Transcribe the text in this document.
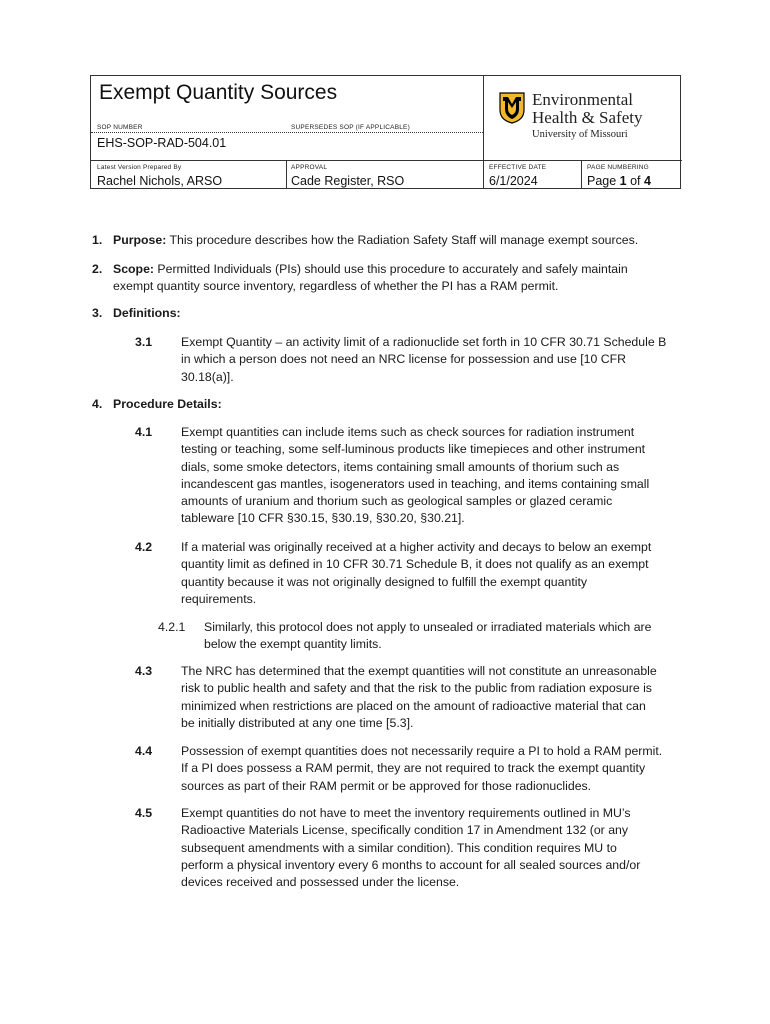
Exempt Quantity Sources
SOP NUMBER	SUPERSEDES SOP (IF APPLICABLE)
EHS-SOP-RAD-504.01
Latest Version Prepared By	APPROVAL	EFFECTIVE DATE	PAGE NUMBERING
Rachel Nichols, ARSO	Cade Register, RSO	6/1/2024	Page 1 of 4
Environmental
Health & Safety
University of Missouri
1. Purpose: This procedure describes how the Radiation Safety Staff will manage exempt sources.
2. Scope: Permitted Individuals (PIs) should use this procedure to accurately and safely maintain
exempt quantity source inventory, regardless of whether the PI has a RAM permit.
3. Definitions:
3.1 Exempt Quantity – an activity limit of a radionuclide set forth in 10 CFR 30.71 Schedule B
in which a person does not need an NRC license for possession and use [10 CFR
30.18(a)].
4. Procedure Details:
4.1 Exempt quantities can include items such as check sources for radiation instrument
testing or teaching, some self-luminous products like timepieces and other instrument
dials, some smoke detectors, items containing small amounts of thorium such as
incandescent gas mantles, isogenerators used in teaching, and items containing small
amounts of uranium and thorium such as geological samples or glazed ceramic
tableware [10 CFR §30.15, §30.19, §30.20, §30.21].
4.2 If a material was originally received at a higher activity and decays to below an exempt
quantity limit as defined in 10 CFR 30.71 Schedule B, it does not qualify as an exempt
quantity because it was not originally designed to fulfill the exempt quantity
requirements.
4.2.1 Similarly, this protocol does not apply to unsealed or irradiated materials which are
below the exempt quantity limits.
4.3 The NRC has determined that the exempt quantities will not constitute an unreasonable
risk to public health and safety and that the risk to the public from radiation exposure is
minimized when restrictions are placed on the amount of radioactive material that can
be initially distributed at any one time [5.3].
4.4 Possession of exempt quantities does not necessarily require a PI to hold a RAM permit.
If a PI does possess a RAM permit, they are not required to track the exempt quantity
sources as part of their RAM permit or be approved for those radionuclides.
4.5 Exempt quantities do not have to meet the inventory requirements outlined in MU’s
Radioactive Materials License, specifically condition 17 in Amendment 132 (or any
subsequent amendments with a similar condition). This condition requires MU to
perform a physical inventory every 6 months to account for all sealed sources and/or
devices received and possessed under the license.
